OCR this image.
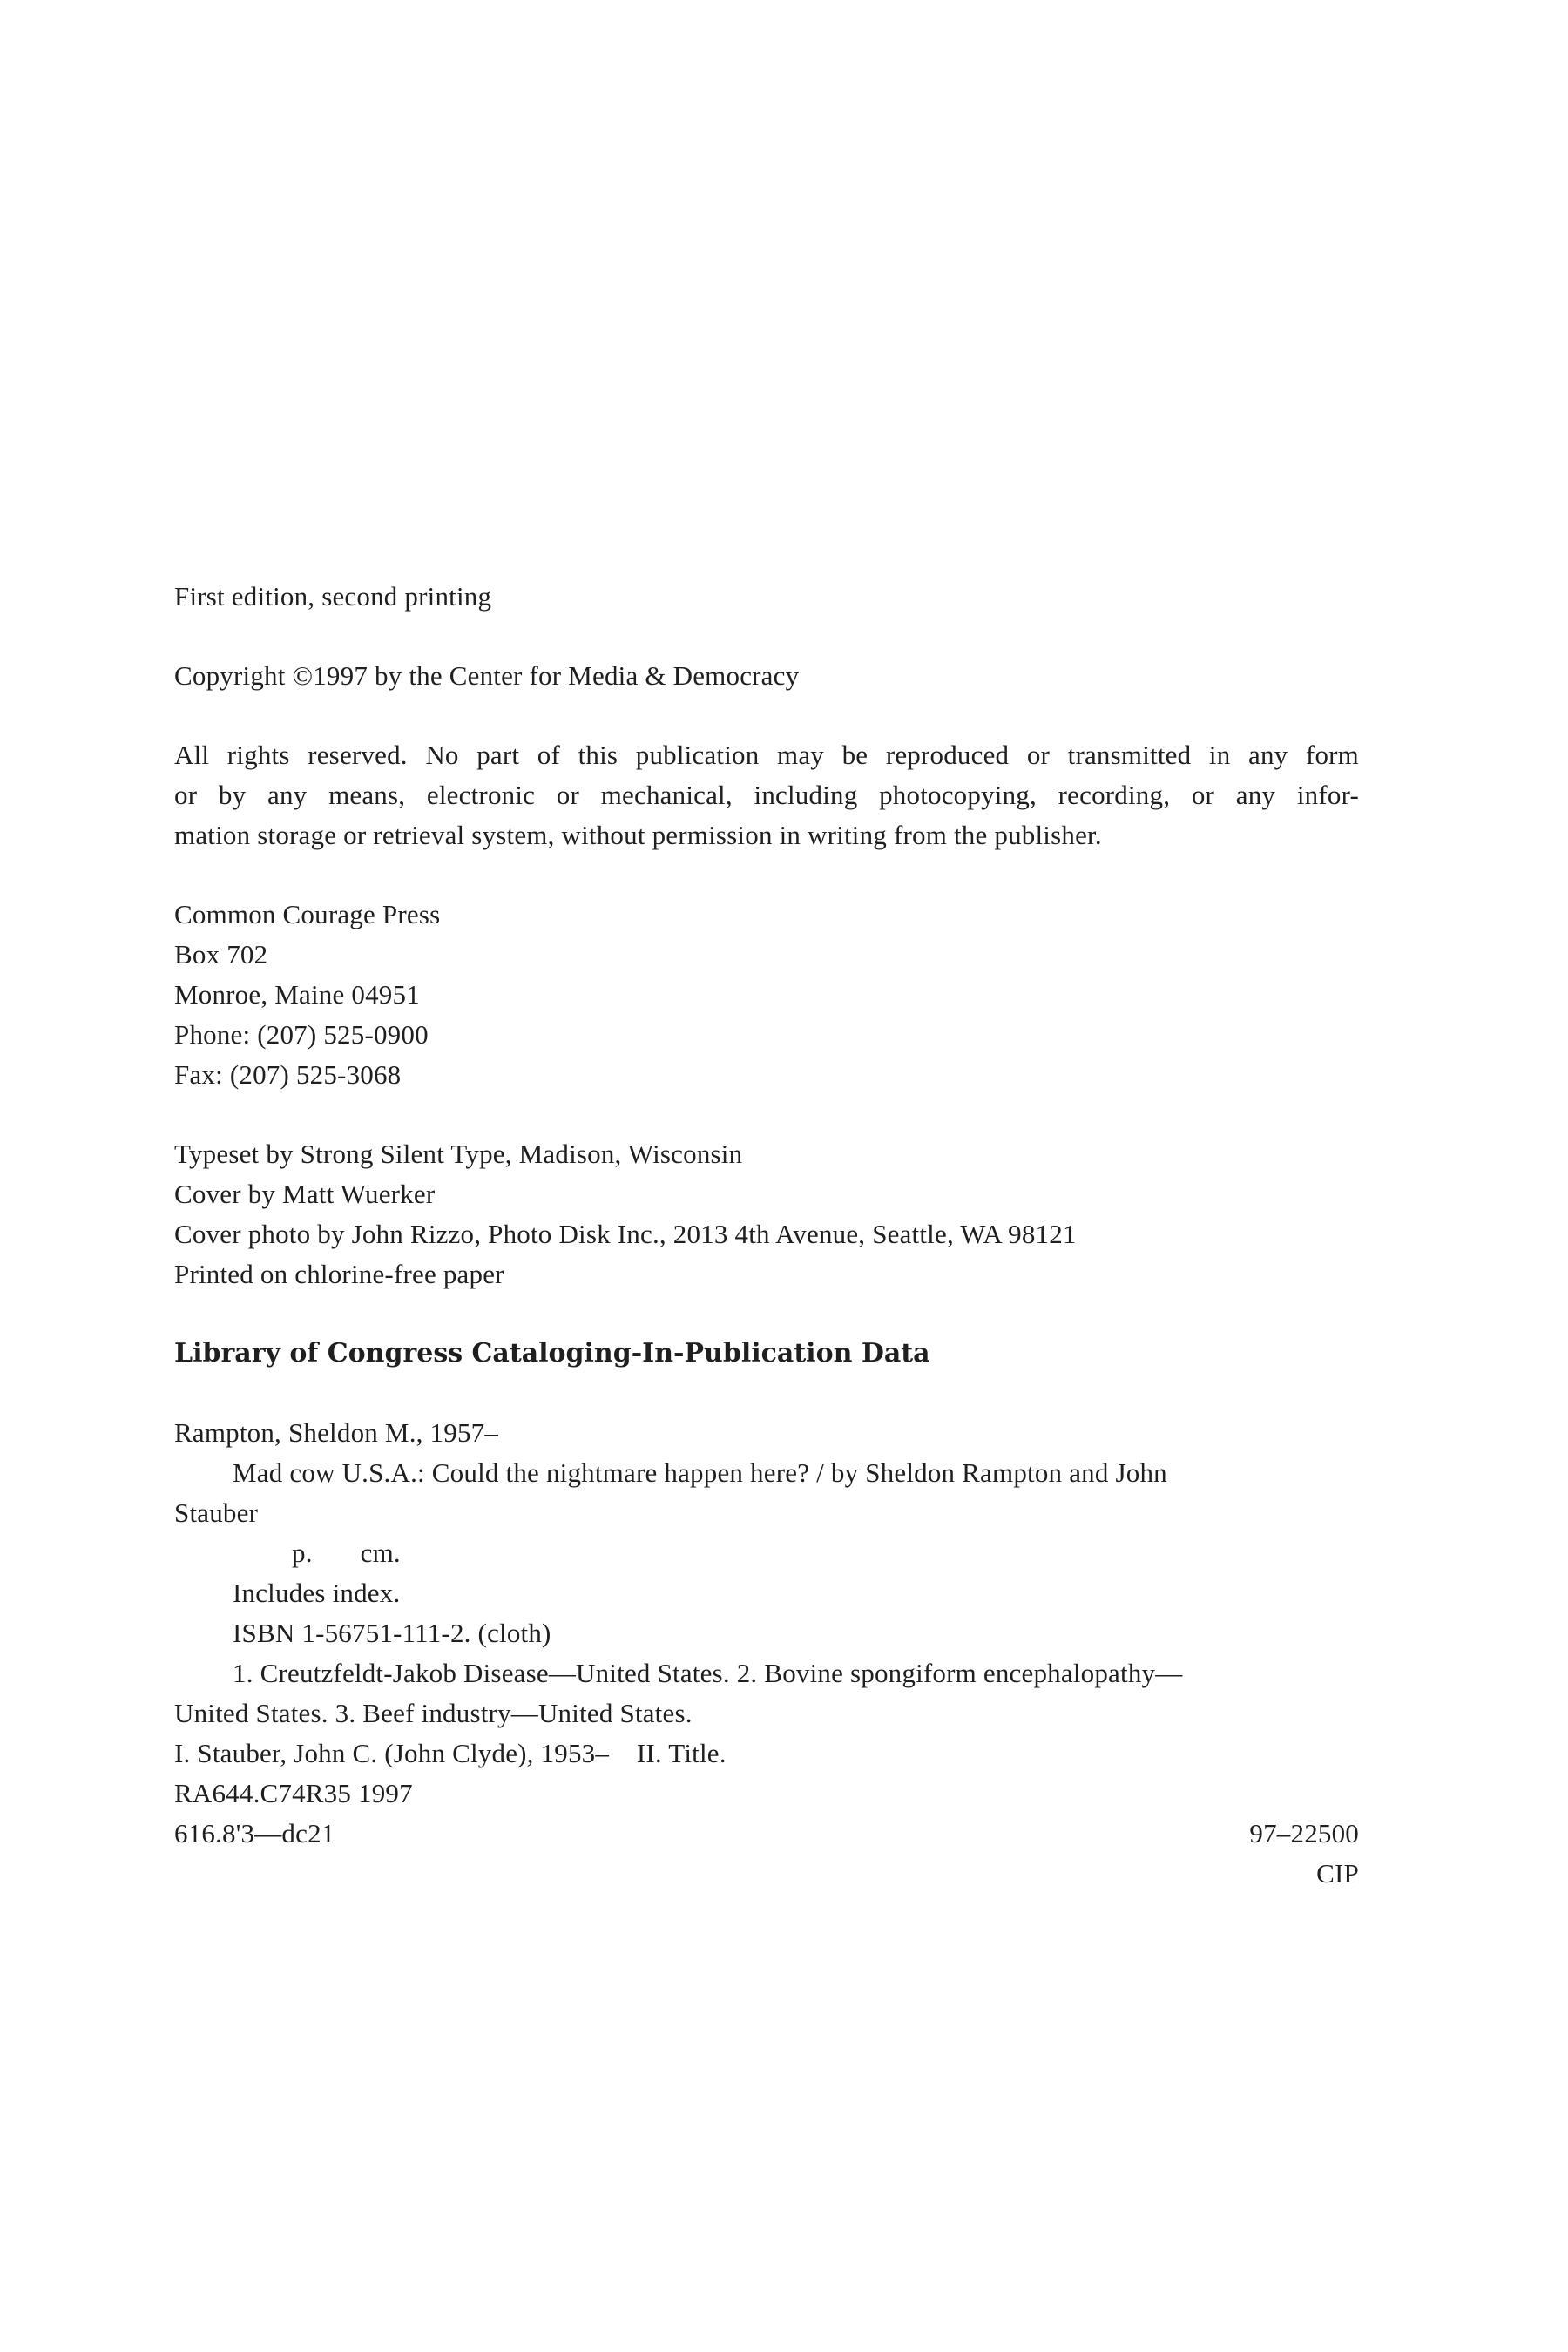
First edition, second printing
Copyright ©1997 by the Center for Media & Democracy
All rights reserved. No part of this publication may be reproduced or transmitted in any form
or by any means, electronic or mechanical, including photocopying, recording, or any infor-
mation storage or retrieval system, without permission in writing from the publisher.
Common Courage Press
Box 702
Monroe, Maine 04951
Phone: (207) 525-0900
Fax: (207) 525-3068
Typeset by Strong Silent Type, Madison, Wisconsin
Cover by Matt Wuerker
Cover photo by John Rizzo, Photo Disk Inc., 2013 4th Avenue, Seattle, WA 98121
Printed on chlorine-free paper
Library of Congress Cataloging-In-Publication Data
Rampton, Sheldon M., 1957–
Mad cow U.S.A.: Could the nightmare happen here? / by Sheldon Rampton and John
Stauber
p. cm.
Includes index.
ISBN 1-56751-111-2. (cloth)
1. Creutzfeldt-Jakob Disease—United States. 2. Bovine spongiform encephalopathy—
United States. 3. Beef industry—United States.
I. Stauber, John C. (John Clyde), 1953– II. Title.
RA644.C74R35 1997
616.8'3—dc21	97–22500
CIP
